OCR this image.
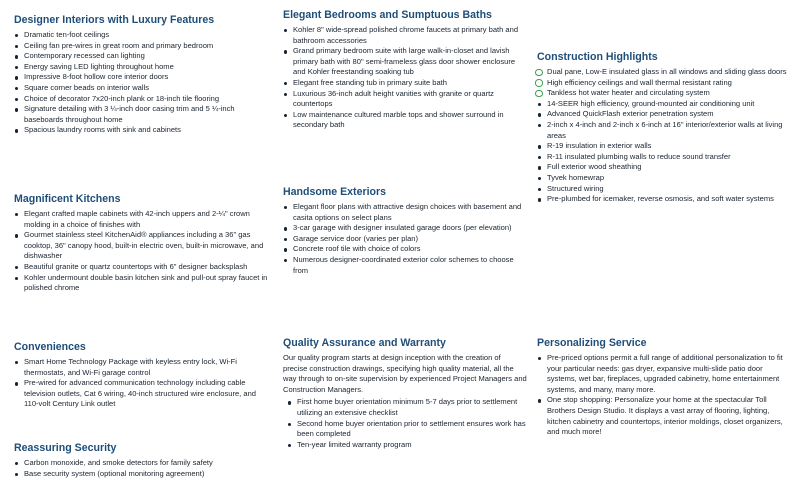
Designer Interiors with Luxury Features
Dramatic ten-foot ceilings
Ceiling fan pre-wires in great room and primary bedroom
Contemporary recessed can lighting
Energy saving LED lighting throughout home
Impressive 8-foot hollow core interior doors
Square corner beads on interior walls
Choice of decorator 7x20-inch plank or 18-inch tile flooring
Signature detailing with 3 ¼-inch door casing trim and 5 ¼-inch baseboards throughout home
Spacious laundry rooms with sink and cabinets
Magnificent Kitchens
Elegant crafted maple cabinets with 42-inch uppers and 2-¼" crown molding in a choice of finishes with
Gourmet stainless steel KitchenAid® appliances including a 36" gas cooktop, 36" canopy hood, built-in electric oven, built-in microwave, and dishwasher
Beautiful granite or quartz countertops with 6" designer backsplash
Kohler undermount double basin kitchen sink and pull-out spray faucet in polished chrome
Conveniences
Smart Home Technology Package with keyless entry lock, Wi-Fi thermostats, and Wi-Fi garage control
Pre-wired for advanced communication technology including cable television outlets, Cat 6 wiring, 40-inch structured wire enclosure, and 110-volt Century Link outlet
Reassuring Security
Carbon monoxide, and smoke detectors for family safety
Base security system (optional monitoring agreement)
Elegant Bedrooms and Sumptuous Baths
Kohler 8" wide-spread polished chrome faucets at primary bath and bathroom accessories
Grand primary bedroom suite with large walk-in-closet and lavish primary bath with 80" semi-frameless glass door shower enclosure and Kohler freestanding soaking tub
Elegant free standing tub in primary suite bath
Luxurious 36-inch adult height vanities with granite or quartz countertops
Low maintenance cultured marble tops and shower surround in secondary bath
Handsome Exteriors
Elegant floor plans with attractive design choices with basement and casita options on select plans
3-car garage with designer insulated garage doors (per elevation)
Garage service door (varies per plan)
Concrete roof tile with choice of colors
Numerous designer-coordinated exterior color schemes to choose from
Quality Assurance and Warranty

Our quality program starts at design inception with the creation of precise construction drawings, specifying high quality material, all the way through to on-site supervision by experienced Project Managers and Construction Managers.

First home buyer orientation minimum 5-7 days prior to settlement utilizing an extensive checklist
Second home buyer orientation prior to settlement ensures work has been completed
Ten-year limited warranty program
Construction Highlights
Dual pane, Low-E insulated glass in all windows and sliding glass doors
High efficiency ceilings and wall thermal resistant rating
Tankless hot water heater and circulating system
14-SEER high efficiency, ground-mounted air conditioning unit
Advanced QuickFlash exterior penetration system
2-inch x 4-inch and 2-inch x 6-inch at 16" interior/exterior walls at living areas
R-19 insulation in exterior walls
R-11 insulated plumbing walls to reduce sound transfer
Full exterior wood sheathing
Tyvek homewrap
Structured wiring
Pre-plumbed for icemaker, reverse osmosis, and soft water systems
Personalizing Service
Pre-priced options permit a full range of additional personalization to fit your particular needs: gas dryer, expansive multi-slide patio door systems, wet bar, fireplaces, upgraded cabinetry, home entertainment systems, and many, many more.
One stop shopping: Personalize your home at the spectacular Toll Brothers Design Studio. It displays a vast array of flooring, lighting, kitchen cabinetry and countertops, interior moldings, closet organizers, and much more!
